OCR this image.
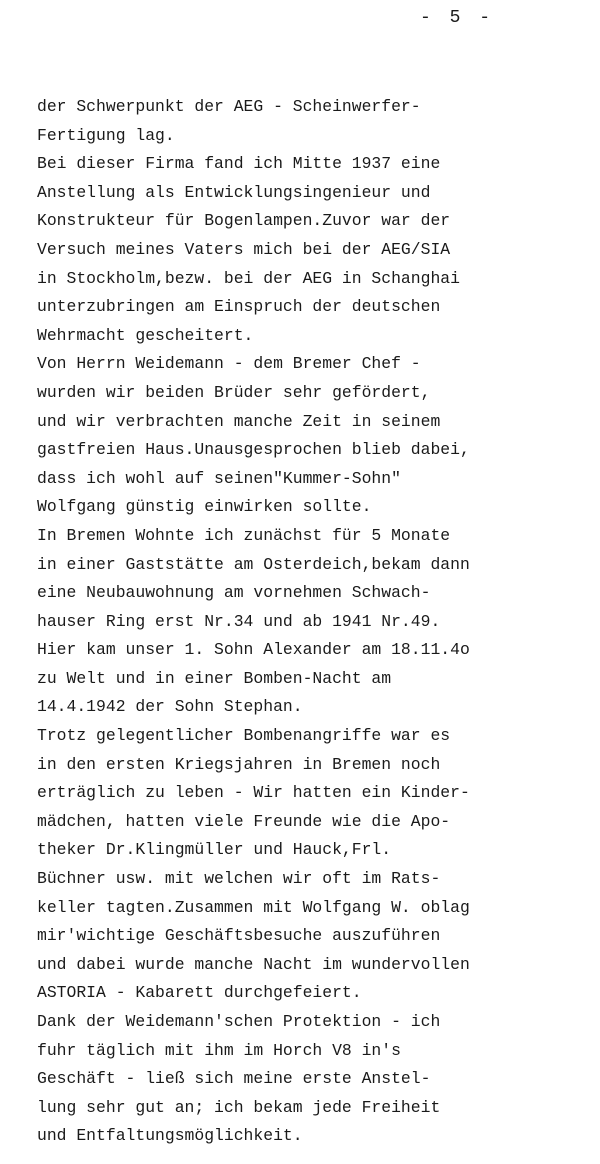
- 5 -
der Schwerpunkt der AEG - Scheinwerfer-
Fertigung lag.
Bei dieser Firma fand ich Mitte 1937 eine
Anstellung als Entwicklungsingenieur und
Konstrukteur für Bogenlampen.Zuvor war der
Versuch meines Vaters mich bei der AEG/SIA
in Stockholm,bezw. bei der AEG in Schanghai
unterzubringen am Einspruch der deutschen
Wehrmacht gescheitert.
Von Herrn Weidemann - dem Bremer Chef -
wurden wir beiden Brüder sehr gefördert,
und wir verbrachten manche Zeit in seinem
gastfreien Haus.Unausgesprochen blieb dabei,
dass ich wohl auf seinen"Kummer-Sohn"
Wolfgang günstig einwirken sollte.
In Bremen Wohnte ich zunächst für 5 Monate
in einer Gaststätte am Osterdeich,bekam dann
eine Neubauwohnung am vornehmen Schwach-
hauser Ring erst Nr.34 und ab 1941 Nr.49.
Hier kam unser 1. Sohn Alexander am 18.11.4o
zu Welt und in einer Bomben-Nacht am
14.4.1942 der Sohn Stephan.
Trotz gelegentlicher Bombenangriffe war es
in den ersten Kriegsjahren in Bremen noch
erträglich zu leben - Wir hatten ein Kinder-
mädchen, hatten viele Freunde wie die Apo-
theker Dr.Klingmüller und Hauck,Frl.
Büchner usw. mit welchen wir oft im Rats-
keller tagten.Zusammen mit Wolfgang W. oblag
mir'wichtige Geschäftsbesuche auszuführen
und dabei wurde manche Nacht im wundervollen
ASTORIA - Kabarett durchgefeiert.
Dank der Weidemann'schen Protektion - ich
fuhr täglich mit ihm im Horch V8 in's
Geschäft - ließ sich meine erste Anstel-
lung sehr gut an; ich bekam jede Freiheit
und Entfaltungsmöglichkeit.
